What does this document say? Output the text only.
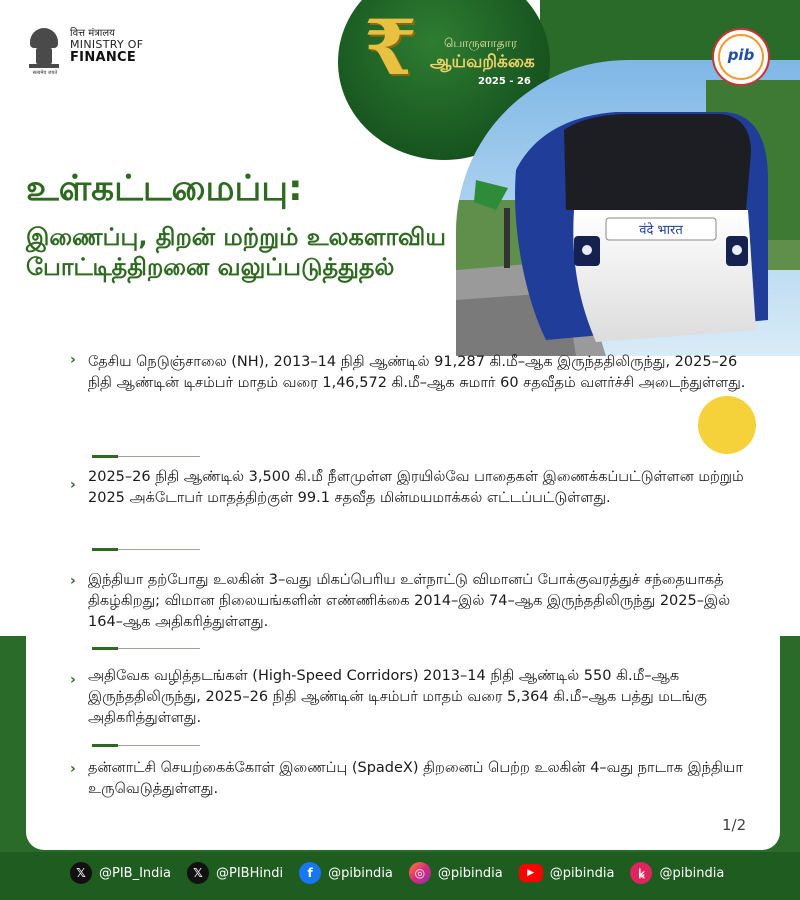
सत्यमेव जयते
वित्त मंत्रालय
MINISTRY OF
FINANCE	₹ பொருளாதார
ஆய்வறிக்கை
2025 - 26
वंदे भारत
pib
உள்கட்டமைப்பு:
இணைப்பு, திறன் மற்றும் உலகளாவிய போட்டித்திறனை வலுப்படுத்துதல்
› தேசிய நெடுஞ்சாலை (NH), 2013–14 நிதி ஆண்டில் 91,287 கி.மீ–ஆக இருந்ததிலிருந்து, 2025–26 நிதி ஆண்டின் டிசம்பர் மாதம் வரை 1,46,572 கி.மீ–ஆக சுமார் 60 சதவீதம் வளர்ச்சி அடைந்துள்ளது.

› 2025–26 நிதி ஆண்டில் 3,500 கி.மீ நீளமுள்ள இரயில்வே பாதைகள் இணைக்கப்பட்டுள்ளன மற்றும் 2025 அக்டோபர் மாதத்திற்குள் 99.1 சதவீத மின்மயமாக்கல் எட்டப்பட்டுள்ளது.

› இந்தியா தற்போது உலகின் 3–வது மிகப்பெரிய உள்நாட்டு விமானப் போக்குவரத்துச் சந்தையாகத் திகழ்கிறது; விமான நிலையங்களின் எண்ணிக்கை 2014–இல் 74–ஆக இருந்ததிலிருந்து 2025–இல் 164–ஆக அதிகரித்துள்ளது.

› அதிவேக வழித்தடங்கள் (High-Speed Corridors) 2013–14 நிதி ஆண்டில் 550 கி.மீ–ஆக இருந்ததிலிருந்து, 2025–26 நிதி ஆண்டின் டிசம்பர் மாதம் வரை 5,364 கி.மீ–ஆக பத்து மடங்கு அதிகரித்துள்ளது.

› தன்னாட்சி செயற்கைக்கோள் இணைப்பு (SpadeX) திறனைப் பெற்ற உலகின் 4–வது நாடாக இந்தியா உருவெடுத்துள்ளது.

1/2
𝕏	@PIB_India	𝕏	@PIBHindi	f	@pibindia	◎ @pibindia	▶	@pibindia	ꝃ	@pibindia
